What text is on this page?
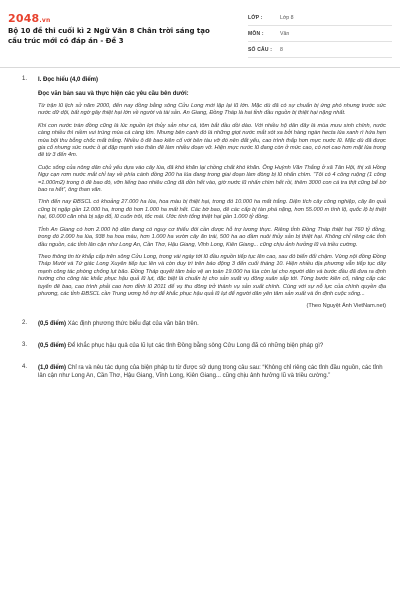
2048.vn
Bộ 10 đề thi cuối kì 2 Ngữ Văn 8 Chân trời sáng tạo cấu trúc mới có đáp án - Đề 3
LỚP :	Lớp 8
MÔN :	Văn
SỐ CÂU :	8
1. I. Đọc hiểu (4,0 điểm)
Đọc văn bản sau và thực hiện các yêu cầu bên dưới:

Từ trận lũ lịch sử năm 2000, đến nay đồng bằng sông Cửu Long mới lập lại lũ lớn. Mặc dù đã có sự chuẩn bị ứng phó nhưng trước sức nước dữ dội, bất ngờ gây thiệt hại lớn về người và tài sản. An Giang, Đồng Tháp là hai tỉnh đầu nguồn bị thiệt hại nặng nhất.

Khi con nước tràn đồng cũng là lúc nguồn lợi thủy sản như cá, tôm bắt đầu dồi dào. Với nhiều hộ dân đây là mùa mưu sinh chính, nước càng nhiều thì niềm vui trúng mùa cá càng lớn. Nhưng bên cạnh đó là những giọt nước mắt xót xa bởi hàng ngàn hecta lúa xanh rì hứa hẹn mùa bội thu bỗng chốc mất trắng. Nhiều ô đê bao kiên cố với bên tàu vỡ đó nên đất yếu, cao trình thấp hơn mực nước lũ. Mặc dù đã được gia cố nhưng sức nước ồ ạt đập mạnh vào thân đê làm nhiều đoạn vỡ. Hiện mực nước lũ đang còn ở mức cao, có nơi cao hơn mặt lúa trong đê từ 3 đến 4m.

Cuộc sống của nông dân chủ yếu dựa vào cây lúa, đã khó khăn lại chồng chất khó khăn. Ông Huỳnh Văn Thắng ở xã Tân Hội, thị xã Hồng Ngự cạn rơm nước mắt chỉ tay về phía cánh đồng 200 ha lúa đang trong giai đoạn làm đòng bị lũ nhấn chìm. “Tôi có 4 công ruộng (1 công =1.000m2) trong ô đê bao đó, vỡn liếng bao nhiêu cũng đã dồn hết vào, giờ nước lũ nhấn chìm hết rồi, thêm 3000 con cá tra thịt cũng bể bờ bao ra hết”, ông than vãn.

Tính đến nay ĐBSCL có khoảng 27.000 ha lúa, hoa màu bị thiệt hại, trong đó 10.000 ha mất trắng. Diện tích cây công nghiệp, cây ăn quả cũng bị ngập gần 12.000 ha, trong đó hơn 1.000 ha mất hết. Các bờ bao, đê các cấp bị tàn phá nặng, hơn 55.000 m tính lộ, quốc lộ bị thiệt hại, 60.000 căn nhà bị sập đổ, lũ cuốn trôi, tốc mái. Ước tính tổng thiệt hại gần 1.000 tỷ đồng.

Tỉnh An Giang có hơn 2.000 hộ dân đang có nguy cơ thiếu đói cần được hỗ trợ lương thực. Riêng tỉnh Đồng Tháp thiệt hại 760 tỷ đồng, trong đó 2.000 ha lúa, 938 ha hoa màu, hơn 1.000 ha vườn cây ăn trái, 500 ha ao đầm nuôi thủy sản bị thiệt hại. Không chỉ riêng các tỉnh đầu nguồn, các tỉnh lân cận như Long An, Cần Thơ, Hậu Giang, Vĩnh Long, Kiên Giang... cũng chịu ảnh hưởng lũ và triều cường.

Theo thông tin từ khắp cấp trên sông Cửu Long, trong vài ngày tới lũ đầu nguồn tiếp tục lên cao, sau đó biển đổi chậm. Vùng nội đồng Đồng Tháp Mười và Tứ giác Long Xuyên tiếp tục lên và còn duy trì trên báo động 3 đến cuối tháng 10. Hiện nhiều địa phương vẫn tiếp tục dây mạnh công tác phòng chống lụt bão. Đồng Tháp quyết tâm bảo vệ an toàn 19.000 ha lúa còn lại cho người dân và bước đầu đã đưa ra định hướng cho công tác khắc phục hậu quả lũ lụt, đặc biệt là chuẩn bị cho sản xuất vụ đông xuân sắp tới. Từng bước kiên cố, nâng cấp các tuyến đê bao, cao trình phải cao hơn đỉnh lũ 2011 để vụ thu đông trở thành vụ sản xuất chính. Cùng với sự nỗ lực của chính quyền địa phương, các tỉnh ĐBSCL cần Trung ương hỗ trợ để khắc phục hậu quả lũ lụt để người dân yên tâm sản xuất và ổn định cuộc sống...

(Theo Nguyệt Ánh VietNam.net)
2. (0,5 điểm) Xác định phương thức biểu đạt của văn bản trên.
3. (0,5 điểm) Để khắc phục hậu quả của lũ lụt các tỉnh Đồng bằng sông Cửu Long đã có những biện pháp gì?
4. (1,0 điểm) Chỉ ra và nêu tác dụng của biện pháp tu từ được sử dụng trong câu sau: “Không chỉ riêng các tỉnh đầu nguồn, các tỉnh lân cận như Long An, Cần Thơ, Hậu Giang, Vĩnh Long, Kiên Giang... cũng chịu ảnh hưởng lũ và triều cường.”
